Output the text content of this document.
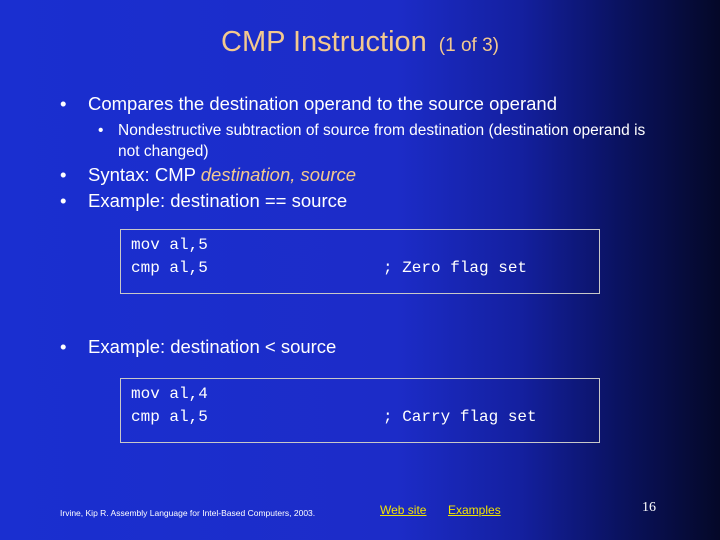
CMP Instruction (1 of 3)
• Compares the destination operand to the source operand
• Nondestructive subtraction of source from destination (destination operand is not changed)
• Syntax: CMP destination, source
• Example: destination == source
mov al,5
cmp al,5	; Zero flag set
• Example: destination < source
mov al,4
cmp al,5	; Carry flag set
Irvine, Kip R. Assembly Language for Intel-Based Computers, 2003.	Web site Examples	16
